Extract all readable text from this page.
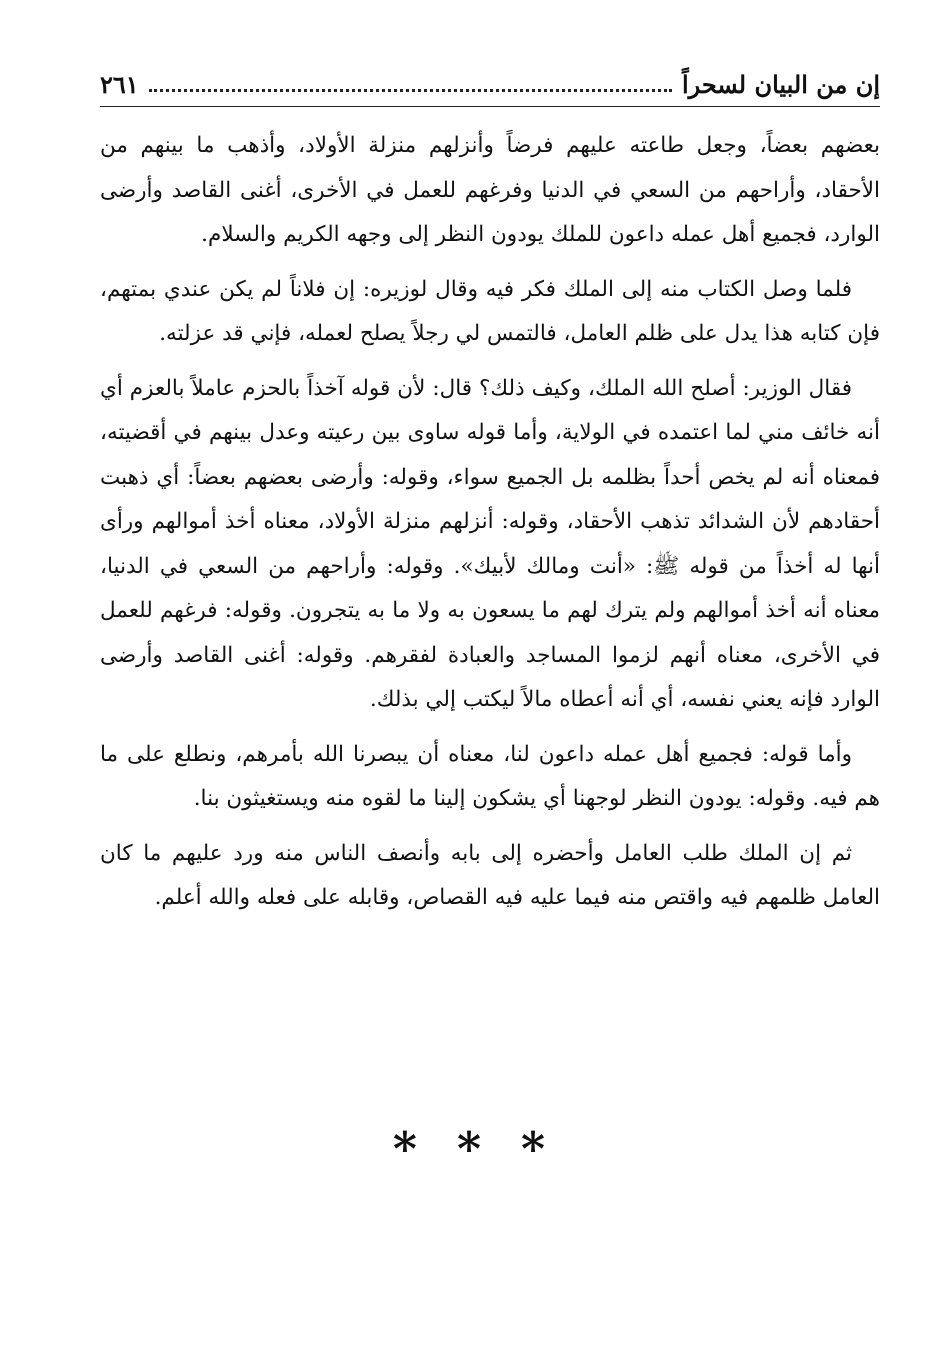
إن من البيان لسحراً
٢٦١

بعضهم بعضاً، وجعل طاعته عليهم فرضاً وأنزلهم منزلة الأولاد، وأذهب ما بينهم من الأحقاد، وأراحهم من السعي في الدنيا وفرغهم للعمل في الأخرى، أغنى القاصد وأرضى الوارد، فجميع أهل عمله داعون للملك يودون النظر إلى وجهه الكريم والسلام.

فلما وصل الكتاب منه إلى الملك فكر فيه وقال لوزيره: إن فلاناً لم يكن عندي بمتهم، فإن كتابه هذا يدل على ظلم العامل، فالتمس لي رجلاً يصلح لعمله، فإني قد عزلته.

فقال الوزير: أصلح الله الملك، وكيف ذلك؟ قال: لأن قوله آخذاً بالحزم عاملاً بالعزم أي أنه خائف مني لما اعتمده في الولاية، وأما قوله ساوى بين رعيته وعدل بينهم في أقضيته، فمعناه أنه لم يخص أحداً بظلمه بل الجميع سواء، وقوله: وأرضى بعضهم بعضاً: أي ذهبت أحقادهم لأن الشدائد تذهب الأحقاد، وقوله: أنزلهم منزلة الأولاد، معناه أخذ أموالهم ورأى أنها له أخذاً من قوله ﷺ: «أنت ومالك لأبيك». وقوله: وأراحهم من السعي في الدنيا، معناه أنه أخذ أموالهم ولم يترك لهم ما يسعون به ولا ما به يتجرون. وقوله: فرغهم للعمل في الأخرى، معناه أنهم لزموا المساجد والعبادة لفقرهم. وقوله: أغنى القاصد وأرضى الوارد فإنه يعني نفسه، أي أنه أعطاه مالاً ليكتب إلي بذلك.

وأما قوله: فجميع أهل عمله داعون لنا، معناه أن يبصرنا الله بأمرهم، ونطلع على ما هم فيه. وقوله: يودون النظر لوجهنا أي يشكون إلينا ما لقوه منه ويستغيثون بنا.

ثم إن الملك طلب العامل وأحضره إلى بابه وأنصف الناس منه ورد عليهم ما كان العامل ظلمهم فيه واقتص منه فيما عليه فيه القصاص، وقابله على فعله والله أعلم.

* * *
